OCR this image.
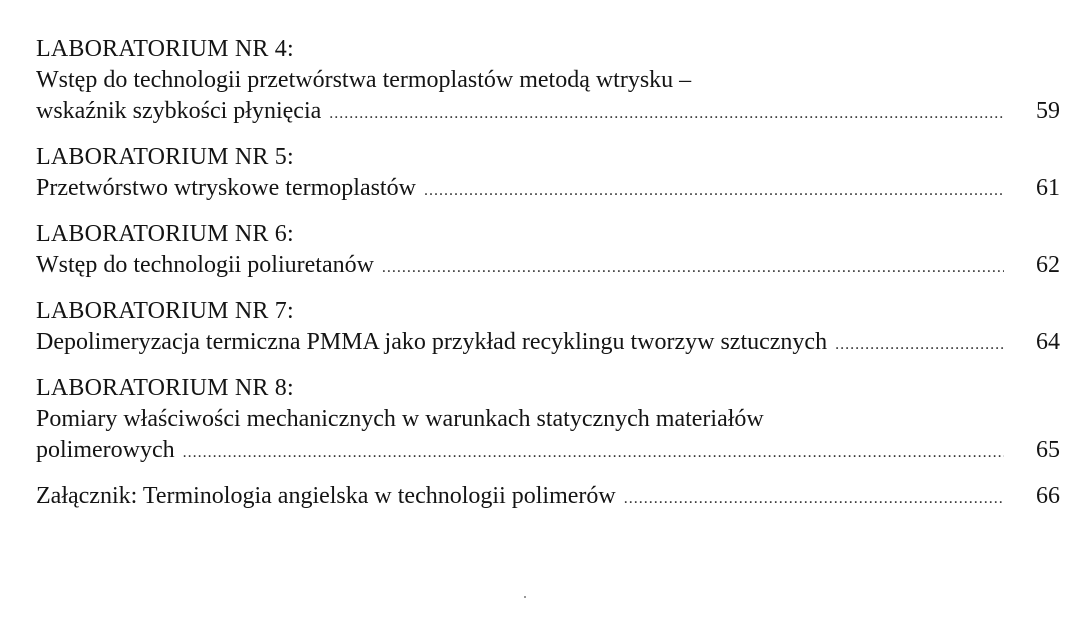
LABORATORIUM NR 4:
Wstęp do technologii przetwórstwa termoplastów metodą wtrysku –
wskaźnik szybkości płynięcia .....	59
LABORATORIUM NR 5:
Przetwórstwo wtryskowe termoplastów .....	61
LABORATORIUM NR 6:
Wstęp do technologii poliuretanów .....	62
LABORATORIUM NR 7:
Depolimeryzacja termiczna PMMA jako przykład recyklingu tworzyw sztucznych .....	64
LABORATORIUM NR 8:
Pomiary właściwości mechanicznych w warunkach statycznych materiałów
polimerowych .....	65
Załącznik: Terminologia angielska w technologii polimerów .....	66
